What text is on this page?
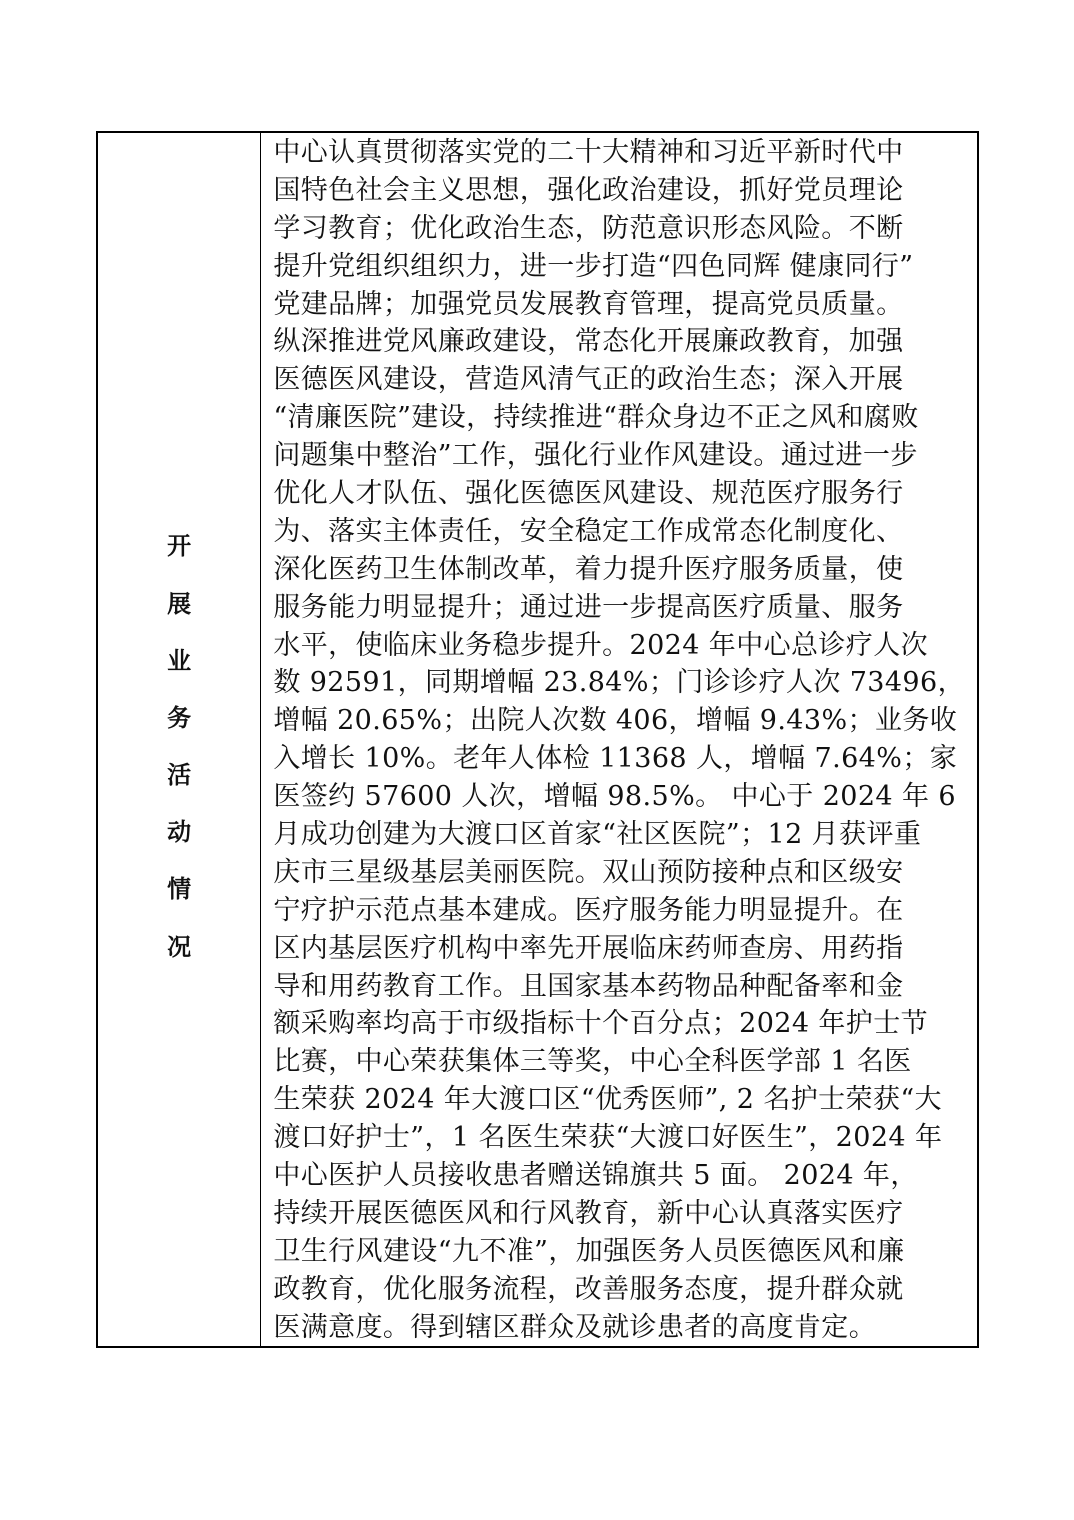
开
展
业
务
活
动
情
况
中心认真贯彻落实党的二十大精神和习近平新时代中
国特色社会主义思想，强化政治建设，抓好党员理论
学习教育；优化政治生态，防范意识形态风险。不断
提升党组织组织力，进一步打造“四色同辉 健康同行”
党建品牌；加强党员发展教育管理，提高党员质量。
纵深推进党风廉政建设，常态化开展廉政教育，加强
医德医风建设，营造风清气正的政治生态；深入开展
“清廉医院”建设，持续推进“群众身边不正之风和腐败
问题集中整治”工作，强化行业作风建设。通过进一步
优化人才队伍、强化医德医风建设、规范医疗服务行
为、落实主体责任，安全稳定工作成常态化制度化、
深化医药卫生体制改革，着力提升医疗服务质量，使
服务能力明显提升；通过进一步提高医疗质量、服务
水平，使临床业务稳步提升。2024 年中心总诊疗人次
数 92591，同期增幅 23.84%；门诊诊疗人次 73496，
增幅 20.65%；出院人次数 406，增幅 9.43%；业务收
入增长 10%。老年人体检 11368 人，增幅 7.64%；家
医签约 57600 人次，增幅 98.5%。 中心于 2024 年 6
月成功创建为大渡口区首家“社区医院”；12 月获评重
庆市三星级基层美丽医院。双山预防接种点和区级安
宁疗护示范点基本建成。医疗服务能力明显提升。在
区内基层医疗机构中率先开展临床药师查房、用药指
导和用药教育工作。且国家基本药物品种配备率和金
额采购率均高于市级指标十个百分点；2024 年护士节
比赛，中心荣获集体三等奖，中心全科医学部 1 名医
生荣获 2024 年大渡口区“优秀医师”, 2 名护士荣获“大
渡口好护士”，1 名医生荣获“大渡口好医生”，2024 年
中心医护人员接收患者赠送锦旗共 5 面。 2024 年，
持续开展医德医风和行风教育，新中心认真落实医疗
卫生行风建设“九不准”，加强医务人员医德医风和廉
政教育，优化服务流程，改善服务态度，提升群众就
医满意度。得到辖区群众及就诊患者的高度肯定。
